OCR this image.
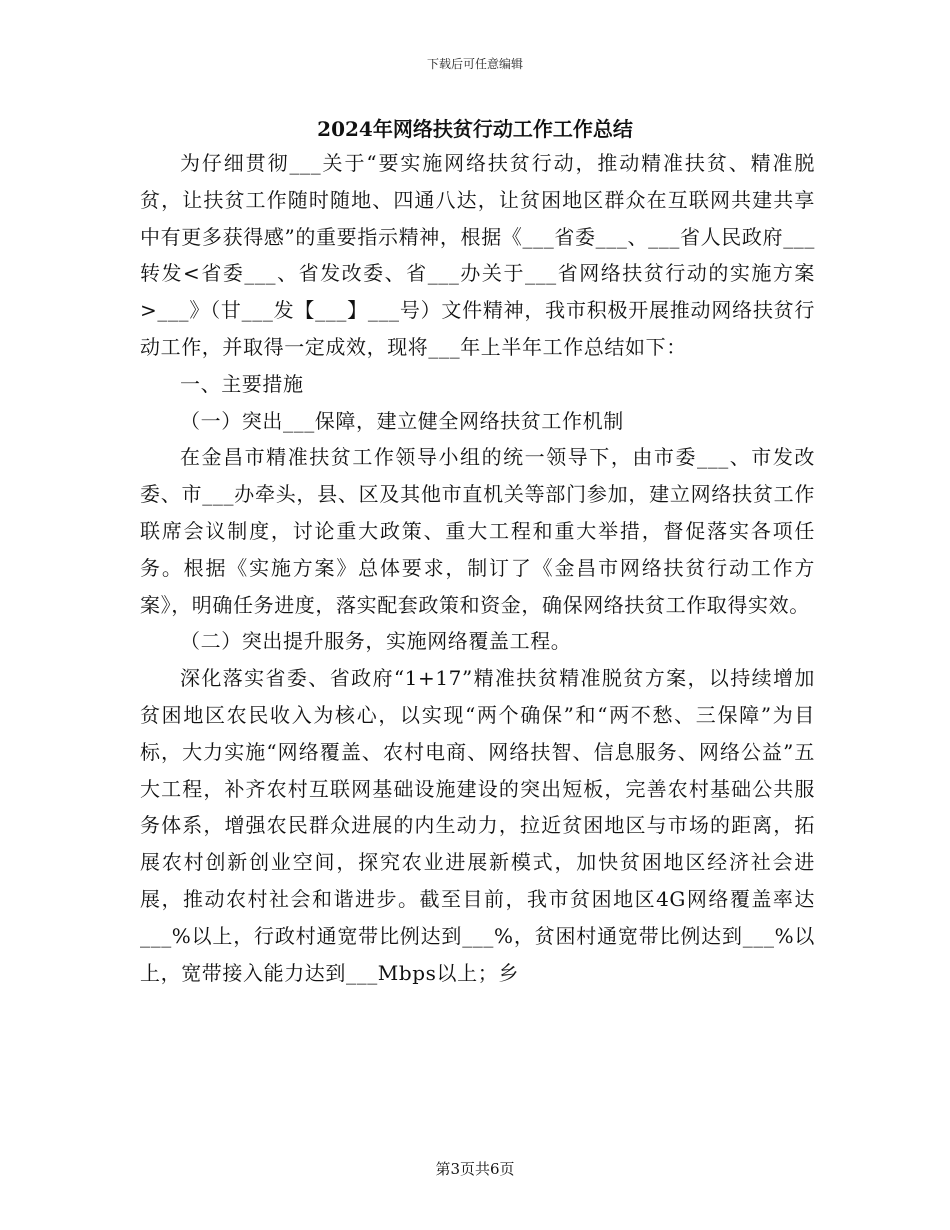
下载后可任意编辑
2024年网络扶贫行动工作工作总结

为仔细贯彻___关于“要实施网络扶贫行动，推动精准扶贫、精准脱贫，让扶贫工作随时随地、四通八达，让贫困地区群众在互联网共建共享中有更多获得感”的重要指示精神，根据《___省委___、___省人民政府___转发<省委___、省发改委、省___办关于___省网络扶贫行动的实施方案>___》（甘___发【___】___号）文件精神，我市积极开展推动网络扶贫行动工作，并取得一定成效，现将___年上半年工作总结如下：

一、主要措施

（一）突出___保障，建立健全网络扶贫工作机制

在金昌市精准扶贫工作领导小组的统一领导下，由市委___、市发改委、市___办牵头，县、区及其他市直机关等部门参加，建立网络扶贫工作联席会议制度，讨论重大政策、重大工程和重大举措，督促落实各项任务。根据《实施方案》总体要求，制订了《金昌市网络扶贫行动工作方案》，明确任务进度，落实配套政策和资金，确保网络扶贫工作取得实效。

（二）突出提升服务，实施网络覆盖工程。

深化落实省委、省政府“1+17”精准扶贫精准脱贫方案，以持续增加贫困地区农民收入为核心，以实现“两个确保”和“两不愁、三保障”为目标，大力实施“网络覆盖、农村电商、网络扶智、信息服务、网络公益”五大工程，补齐农村互联网基础设施建设的突出短板，完善农村基础公共服务体系，增强农民群众进展的内生动力，拉近贫困地区与市场的距离，拓展农村创新创业空间，探究农业进展新模式，加快贫困地区经济社会进展，推动农村社会和谐进步。截至目前，我市贫困地区4G网络覆盖率达___%以上，行政村通宽带比例达到___%，贫困村通宽带比例达到___%以上，宽带接入能力达到___Mbps以上；乡

第3页共6页
